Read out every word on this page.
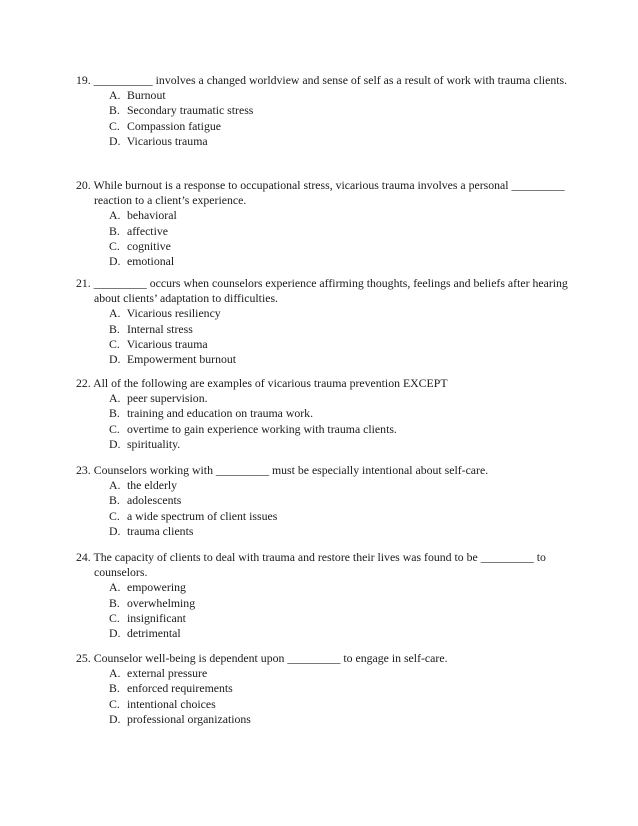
19. __________ involves a changed worldview and sense of self as a result of work with trauma clients.

A. Burnout
B. Secondary traumatic stress
C. Compassion fatigue
D. Vicarious trauma

20. While burnout is a response to occupational stress, vicarious trauma involves a personal _________ reaction to a client’s experience.

A. behavioral
B. affective
C. cognitive
D. emotional

21. _________ occurs when counselors experience affirming thoughts, feelings and beliefs after hearing about clients’ adaptation to difficulties.

A. Vicarious resiliency
B. Internal stress
C. Vicarious trauma
D. Empowerment burnout

22. All of the following are examples of vicarious trauma prevention EXCEPT

A. peer supervision.
B. training and education on trauma work.
C. overtime to gain experience working with trauma clients.
D. spirituality.

23. Counselors working with _________ must be especially intentional about self-care.

A. the elderly
B. adolescents
C. a wide spectrum of client issues
D. trauma clients

24. The capacity of clients to deal with trauma and restore their lives was found to be _________ to counselors.

A. empowering
B. overwhelming
C. insignificant
D. detrimental

25. Counselor well-being is dependent upon _________ to engage in self-care.

A. external pressure
B. enforced requirements
C. intentional choices
D. professional organizations
